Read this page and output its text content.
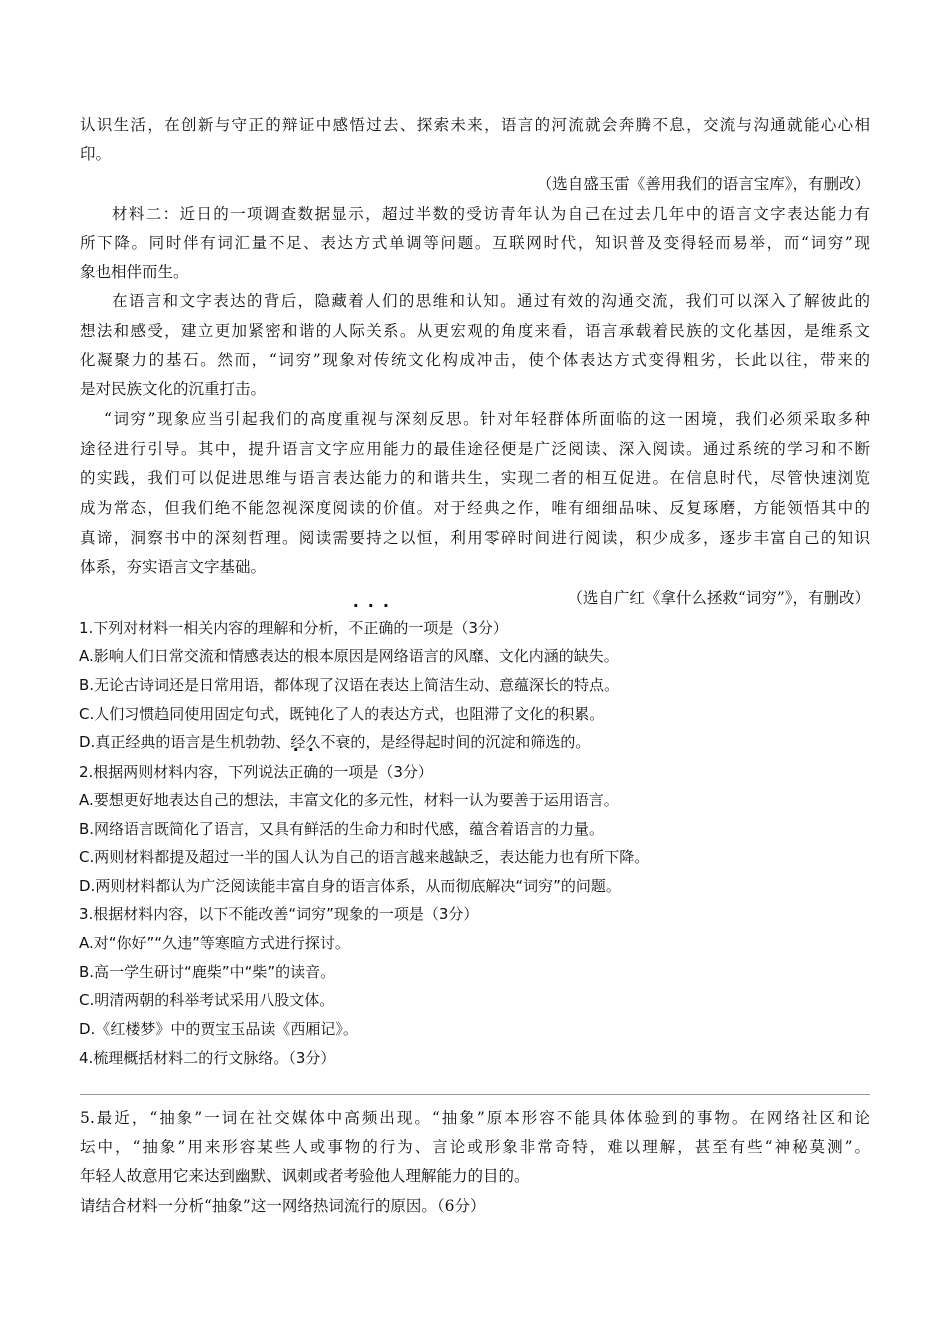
认识生活，在创新与守正的辩证中感悟过去、探索未来，语言的河流就会奔腾不息，交流与沟通就能心心相
印。
（选自盛玉雷《善用我们的语言宝库》，有删改）
材料二：近日的一项调查数据显示，超过半数的受访青年认为自己在过去几年中的语言文字表达能力有
所下降。同时伴有词汇量不足、表达方式单调等问题。互联网时代，知识普及变得轻而易举，而“词穷”现
象也相伴而生。
在语言和文字表达的背后，隐藏着人们的思维和认知。通过有效的沟通交流，我们可以深入了解彼此的
想法和感受，建立更加紧密和谐的人际关系。从更宏观的角度来看，语言承载着民族的文化基因，是维系文
化凝聚力的基石。然而，“词穷”现象对传统文化构成冲击，使个体表达方式变得粗劣，长此以往，带来的
是对民族文化的沉重打击。
“词穷”现象应当引起我们的高度重视与深刻反思。针对年轻群体所面临的这一困境，我们必须采取多种
途径进行引导。其中，提升语言文字应用能力的最佳途径便是广泛阅读、深入阅读。通过系统的学习和不断
的实践，我们可以促进思维与语言表达能力的和谐共生，实现二者的相互促进。在信息时代，尽管快速浏览
成为常态，但我们绝不能忽视深度阅读的价值。对于经典之作，唯有细细品味、反复琢磨，方能领悟其中的
真谛，洞察书中的深刻哲理。阅读需要持之以恒，利用零碎时间进行阅读，积少成多，逐步丰富自己的知识
体系，夯实语言文字基础。
（选自广红《拿什么拯救“词穷”》，有删改）
1.下列对材料一相关内容的理解和分析，不正确的一项是（3分）
A.影响人们日常交流和情感表达的根本原因是网络语言的风靡、文化内涵的缺失。
B.无论古诗词还是日常用语，都体现了汉语在表达上简洁生动、意蕴深长的特点。
C.人们习惯趋同使用固定句式，既钝化了人的表达方式，也阻滞了文化的积累。
D.真正经典的语言是生机勃勃、经久不衰的，是经得起时间的沉淀和筛选的。
2.根据两则材料内容，下列说法正确的一项是（3分）
A.要想更好地表达自己的想法，丰富文化的多元性，材料一认为要善于运用语言。
B.网络语言既简化了语言，又具有鲜活的生命力和时代感，蕴含着语言的力量。
C.两则材料都提及超过一半的国人认为自己的语言越来越缺乏，表达能力也有所下降。
D.两则材料都认为广泛阅读能丰富自身的语言体系，从而彻底解决“词穷”的问题。
3.根据材料内容，以下不能改善“词穷”现象的一项是（3分）
A.对“你好”“久违”等寒暄方式进行探讨。
B.高一学生研讨“鹿柴”中“柴”的读音。
C.明清两朝的科举考试采用八股文体。
D.《红楼梦》中的贾宝玉品读《西厢记》。
4.梳理概括材料二的行文脉络。（3分）
5.最近，“抽象”一词在社交媒体中高频出现。“抽象”原本形容不能具体体验到的事物。在网络社区和论
坛中，“抽象”用来形容某些人或事物的行为、言论或形象非常奇特，难以理解，甚至有些“神秘莫测”。
年轻人故意用它来达到幽默、讽刺或者考验他人理解能力的目的。
请结合材料一分析“抽象”这一网络热词流行的原因。（6分）
